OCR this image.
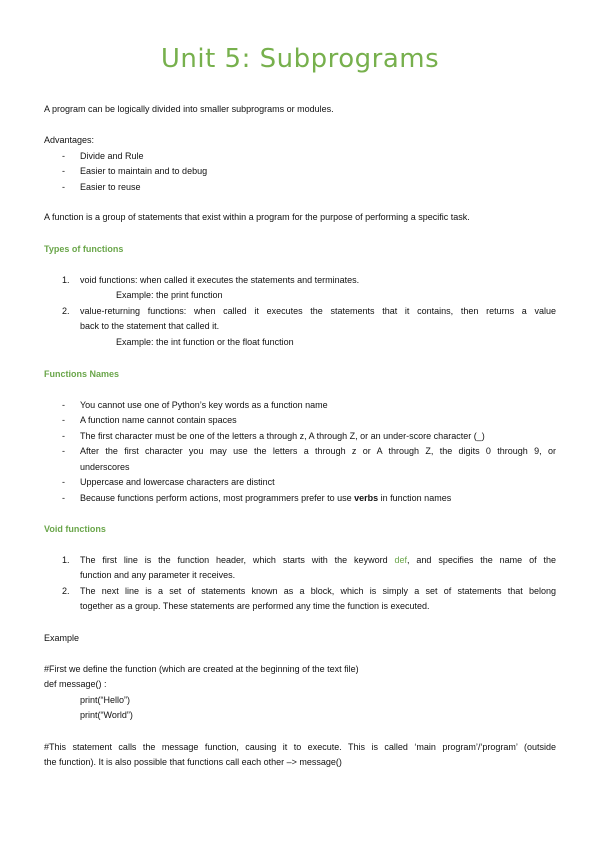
Unit 5: Subprograms
A program can be logically divided into smaller subprograms or modules.
Advantages:
- Divide and Rule
- Easier to maintain and to debug
- Easier to reuse
A function is a group of statements that exist within a program for the purpose of performing a specific task.
Types of functions
1. void functions: when called it executes the statements and terminates.
Example: the print function
2. value-returning functions: when called it executes the statements that it contains, then returns a value
back to the statement that called it.
Example: the int function or the float function
Functions Names
- You cannot use one of Python’s key words as a function name
- A function name cannot contain spaces
- The first character must be one of the letters a through z, A through Z, or an under-score character (_)
- After the first character you may use the letters a through z or A through Z, the digits 0 through 9, or
underscores
- Uppercase and lowercase characters are distinct
- Because functions perform actions, most programmers prefer to use verbs in function names
Void functions
1. The first line is the function header, which starts with the keyword def, and specifies the name of the
function and any parameter it receives.
2. The next line is a set of statements known as a block, which is simply a set of statements that belong
together as a group. These statements are performed any time the function is executed.
Example
#First we define the function (which are created at the beginning of the text file)
def message() :
print(“Hello”)
print(“World”)
#This statement calls the message function, causing it to execute. This is called ‘main program’/‘program’ (outside
the function). It is also possible that functions call each other –> message()
